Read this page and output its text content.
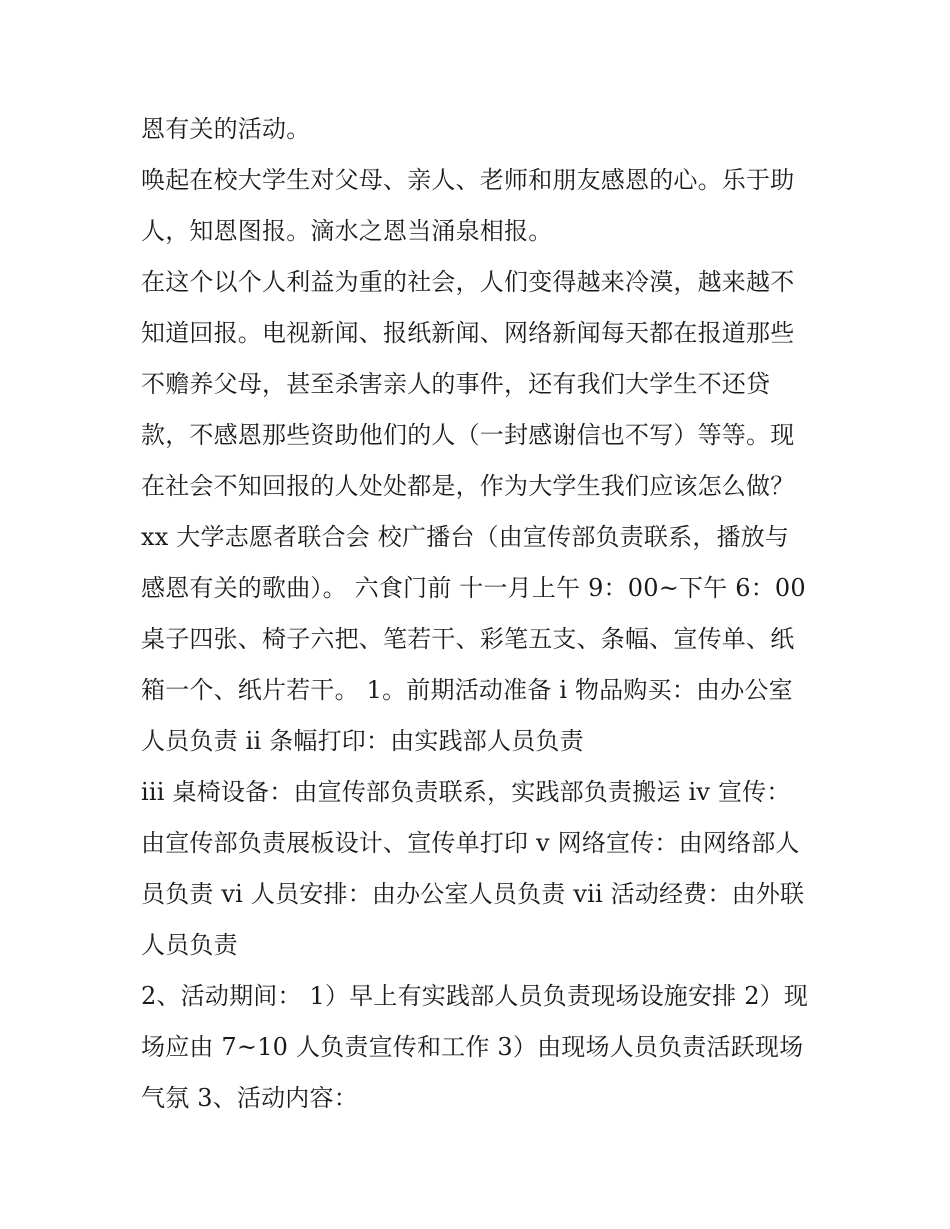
恩有关的活动。
唤起在校大学生对父母、亲人、老师和朋友感恩的心。乐于助
人，知恩图报。滴水之恩当涌泉相报。
在这个以个人利益为重的社会，人们变得越来冷漠，越来越不
知道回报。电视新闻、报纸新闻、网络新闻每天都在报道那些
不赡养父母，甚至杀害亲人的事件，还有我们大学生不还贷
款，不感恩那些资助他们的人（一封感谢信也不写）等等。现
在社会不知回报的人处处都是，作为大学生我们应该怎么做？
xx 大学志愿者联合会 校广播台（由宣传部负责联系，播放与
感恩有关的歌曲）。 六食门前 十一月上午 9：00~下午 6：00
桌子四张、椅子六把、笔若干、彩笔五支、条幅、宣传单、纸
箱一个、纸片若干。 1。前期活动准备 i 物品购买：由办公室
人员负责 ii 条幅打印：由实践部人员负责
iii 桌椅设备：由宣传部负责联系，实践部负责搬运 iv 宣传：
由宣传部负责展板设计、宣传单打印 v 网络宣传：由网络部人
员负责 vi 人员安排：由办公室人员负责 vii 活动经费：由外联
人员负责
2、活动期间： 1）早上有实践部人员负责现场设施安排 2）现
场应由 7~10 人负责宣传和工作 3）由现场人员负责活跃现场
气氛 3、活动内容：
